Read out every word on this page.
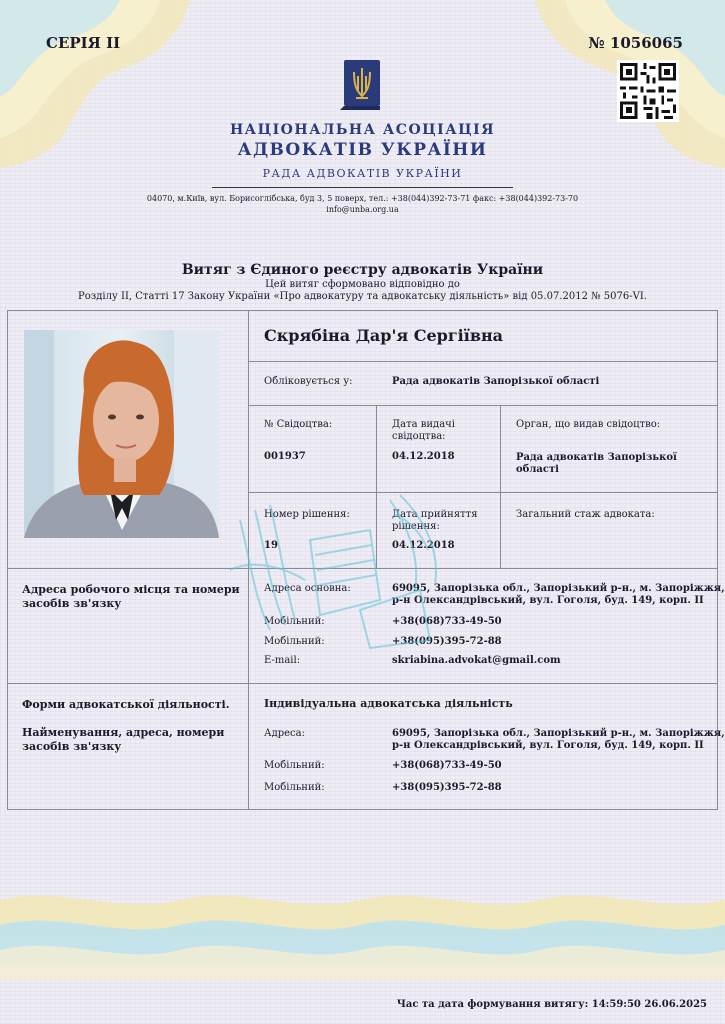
СЕРІЯ II	№ 1056065
НАЦІОНАЛЬНА АСОЦІАЦІЯ
АДВОКАТІВ УКРАЇНИ
РАДА АДВОКАТІВ УКРАЇНИ
04070, м.Київ, вул. Борисоглібська, буд 3, 5 поверх, тел.: +38(044)392-73-71 факс: +38(044)392-73-70
info@unba.org.ua
Витяг з Єдиного реєстру адвокатів України
Цей витяг сформовано відповідно до
Розділу II, Статті 17 Закону України «Про адвокатуру та адвокатську діяльність» від 05.07.2012 № 5076-VI.
Скрябіна Дар'я Сергіївна
Обліковується у:	Рада адвокатів Запорізької області
№ Свідоцтва:
001937
Дата видачі
свідоцтва:
04.12.2018
Орган, що видав свідоцтво:
Рада адвокатів Запорізької
області
Номер рішення:
19
Дата прийняття
рішення:
04.12.2018
Загальний стаж адвоката:
Адреса робочого місця та номери
засобів зв'язку
Адреса основна:	69095, Запорізька обл., Запорізький р-н., м. Запоріжжя,
р-н Олександрівський, вул. Гоголя, буд. 149, корп. II
Мобільний:	+38(068)733-49-50
Мобільний:	+38(095)395-72-88
E-mail:	skriabina.advokat@gmail.com
Форми адвокатської діяльності.
Найменування, адреса, номери
засобів зв'язку
Індивідуальна адвокатська діяльність
Адреса:	69095, Запорізька обл., Запорізький р-н., м. Запоріжжя,
р-н Олександрівський, вул. Гоголя, буд. 149, корп. II
Мобільний:	+38(068)733-49-50
Мобільний:	+38(095)395-72-88
Час та дата формування витягу: 14:59:50 26.06.2025
